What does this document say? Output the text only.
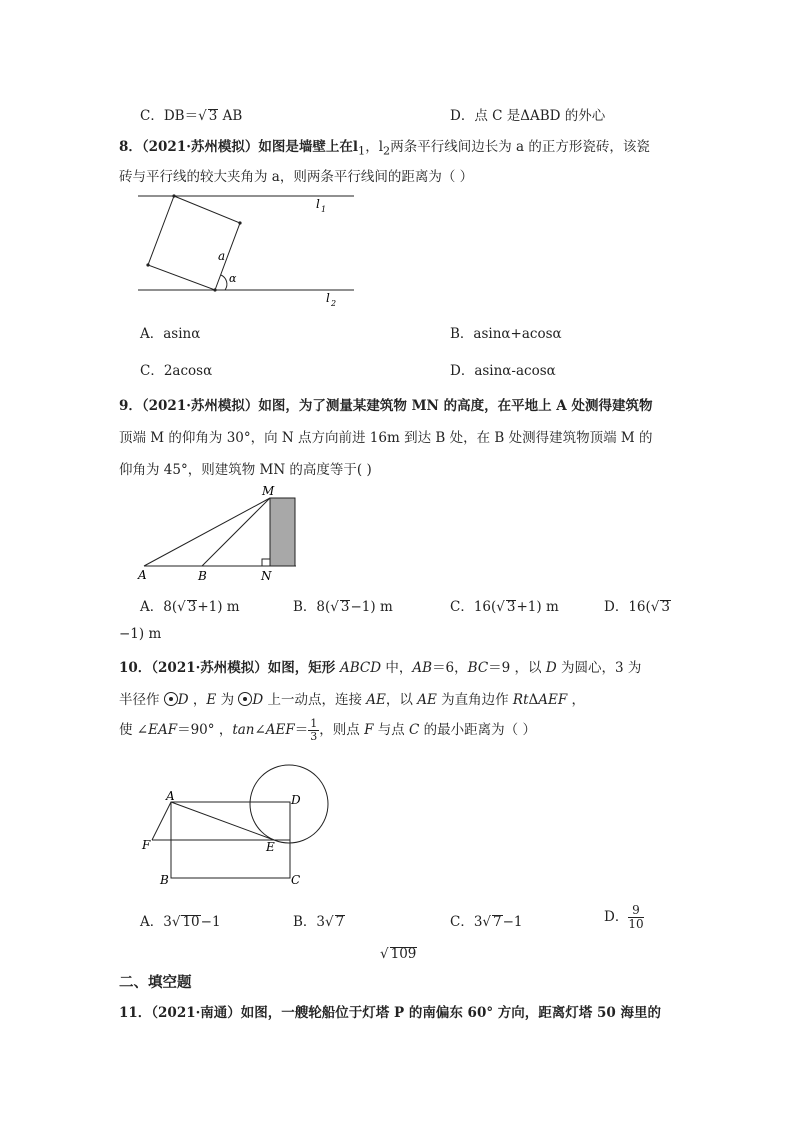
C．DB＝√ 3 AB	D．点 C 是ΔABD 的外心
8．（2021·苏州模拟）如图是墙壁上在$l_1$，$l_2$两条平行线间边长为 a 的正方形瓷砖，该瓷
砖与平行线的较大夹角为 a，则两条平行线间的距离为（ ）
l 1
l 2
a
α
A．asinα	B．asinα+acosα
C．2acosα	D．asinα-acosα
9．（2021·苏州模拟）如图，为了测量某建筑物 MN 的高度，在平地上 A 处测得建筑物
顶端 M 的仰角为 30°，向 N 点方向前进 16m 到达 B 处，在 B 处测得建筑物顶端 M 的
仰角为 45°，则建筑物 MN 的高度等于( )
M
A	B	N
A．8(√ 3+1) m	B．8(√ 3−1) m	C．16(√ 3+1) m	D．16(√ 3
−1) m
10．（2021·苏州模拟）如图，矩形 ABCD 中，AB＝6，BC＝9 ，以 D 为圆心，3 为
半径作 D ，E 为 D 上一动点，连接 AE，以 AE 为直角边作 RtΔAEF ，
使 ∠EAF＝90° ，tan∠AEF＝ $\frac{1}{3}$ ，则点 F 与点 C 的最小距离为（ ）
A	D
F	E
B	C
A．3√ 10−1	B．3√ 7	C．3√ 7−1	D． $\frac{9}{10}$
√ 109
二、填空题
11．（2021·南通）如图，一艘轮船位于灯塔 P 的南偏东 60° 方向，距离灯塔 50 海里的
